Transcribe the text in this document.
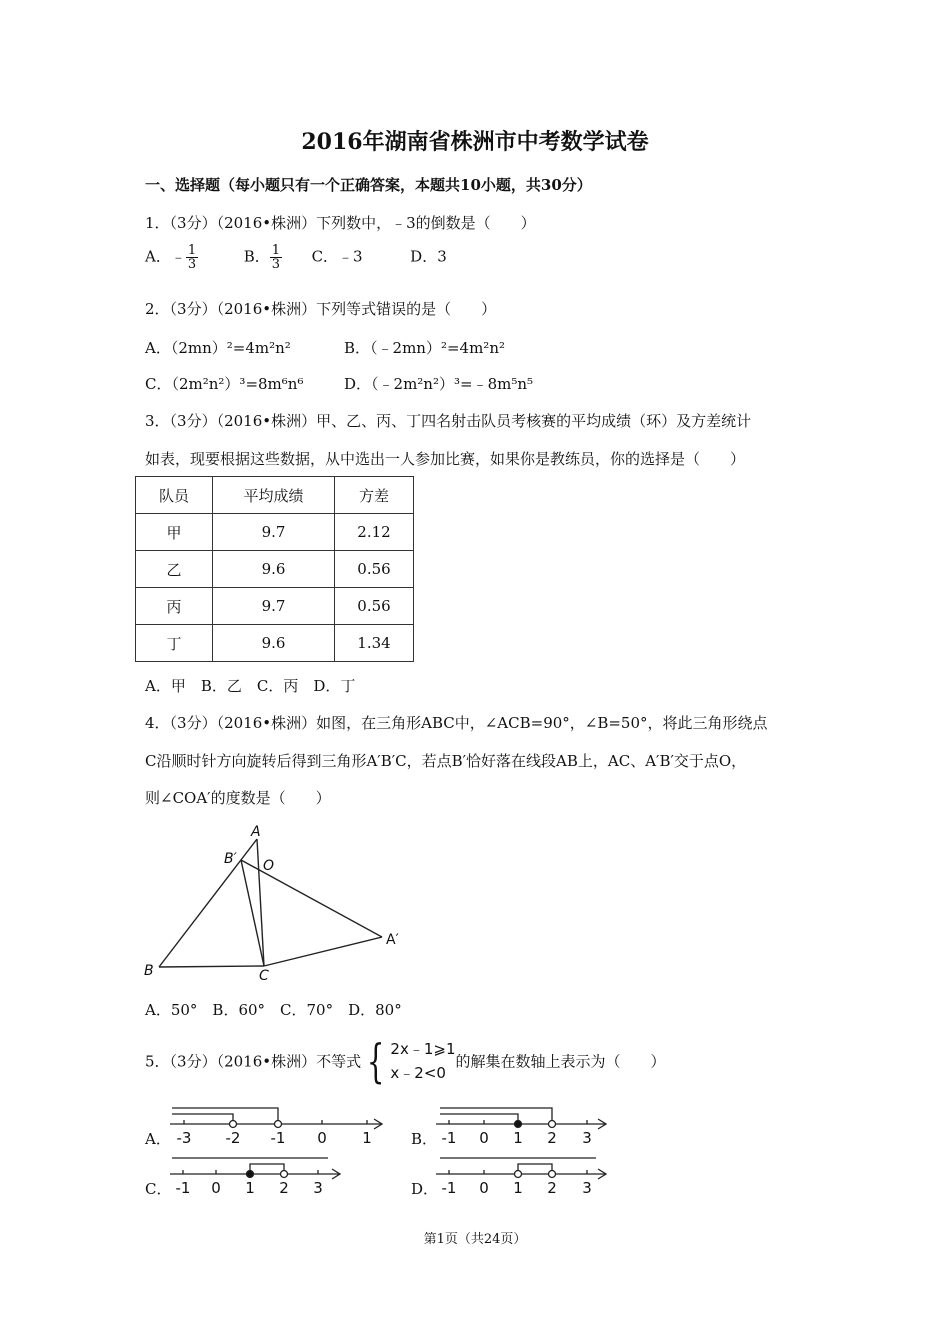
2016年湖南省株洲市中考数学试卷
一、选择题（每小题只有一个正确答案，本题共10小题，共30分）
1．（3分）（2016•株洲）下列数中，﹣3的倒数是（　　）
A．﹣ $\frac{1}{3}$	B． $\frac{1}{3}$ C．﹣3	D．3
2．（3分）（2016•株洲）下列等式错误的是（　　）
A．（2mn）²=4m²n²	B．（﹣2mn）²=4m²n²
C．（2m²n²）³=8m⁶n⁶	D．（﹣2m²n²）³=﹣8m⁵n⁵
3．（3分）（2016•株洲）甲、乙、丙、丁四名射击队员考核赛的平均成绩（环）及方差统计
如表，现要根据这些数据，从中选出一人参加比赛，如果你是教练员，你的选择是（　　）
队员	平均成绩	方差
甲	9.7	2.12
乙	9.6	0.56
丙	9.7	0.56
丁	9.6	1.34
A．甲　B．乙　C．丙　D．丁
4．（3分）（2016•株洲）如图，在三角形ABC中，∠ACB=90°，∠B=50°，将此三角形绕点
C沿顺时针方向旋转后得到三角形A′B′C，若点B′恰好落在线段AB上，AC、A′B′交于点O，
则∠COA′的度数是（　　）
A
B′ O
A′
B	C
A．50°　B．60°　C．70°　D．80°
5．（3分）（2016•株洲）不等式 { 2x﹣1⩾1
x﹣2<0
的解集在数轴上表示为（　　）
A．	B．
C．	D．
-3 -2 -1 0 1	-1 0 1 2 3
-1 0 1 2 3	-1 0 1 2 3
第1页（共24页）
